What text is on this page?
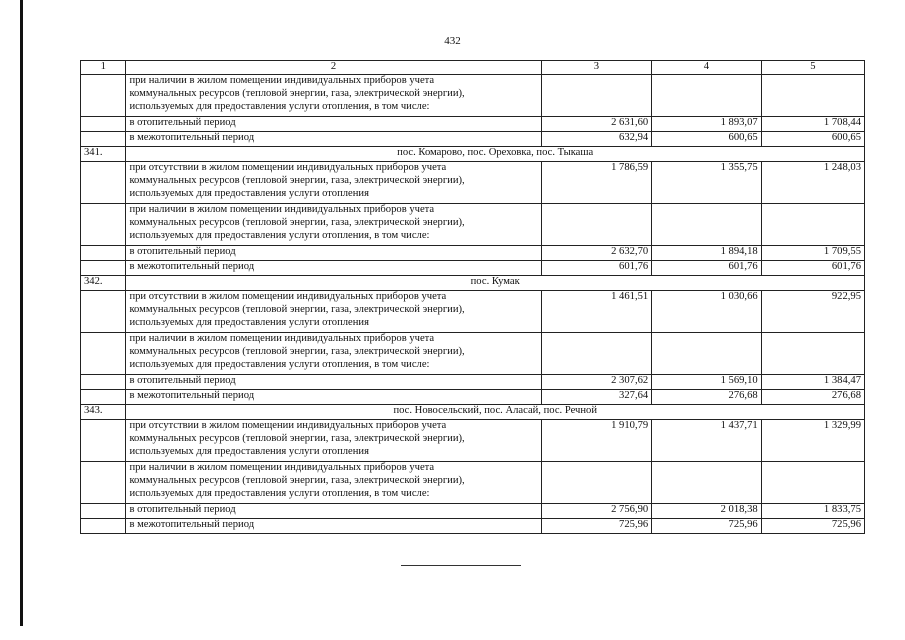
432
1	2	3	4	5

	при наличии в жилом помещении индивидуальных приборов учета
коммунальных ресурсов (тепловой энергии, газа, электрической энергии),
используемых для предоставления услуги отопления, в том числе:			

	в отопительный период	2 631,60	1 893,07	1 708,44

	в межотопительный период	632,94	600,65	600,65
341.	пос. Комарово, пос. Ореховка, пос. Тыкаша			

	при отсутствии в жилом помещении индивидуальных приборов учета
коммунальных ресурсов (тепловой энергии, газа, электрической энергии),
используемых для предоставления услуги отопления	1 786,59	1 355,75	1 248,03

	при наличии в жилом помещении индивидуальных приборов учета
коммунальных ресурсов (тепловой энергии, газа, электрической энергии),
используемых для предоставления услуги отопления, в том числе:			

	в отопительный период	2 632,70	1 894,18	1 709,55

	в межотопительный период	601,76	601,76	601,76
342.	пос. Кумак			

	при отсутствии в жилом помещении индивидуальных приборов учета
коммунальных ресурсов (тепловой энергии, газа, электрической энергии),
используемых для предоставления услуги отопления	1 461,51	1 030,66	922,95

	при наличии в жилом помещении индивидуальных приборов учета
коммунальных ресурсов (тепловой энергии, газа, электрической энергии),
используемых для предоставления услуги отопления, в том числе:			

	в отопительный период	2 307,62	1 569,10	1 384,47

	в межотопительный период	327,64	276,68	276,68
343.	пос. Новосельский, пос. Аласай, пос. Речной			

	при отсутствии в жилом помещении индивидуальных приборов учета
коммунальных ресурсов (тепловой энергии, газа, электрической энергии),
используемых для предоставления услуги отопления	1 910,79	1 437,71	1 329,99

	при наличии в жилом помещении индивидуальных приборов учета
коммунальных ресурсов (тепловой энергии, газа, электрической энергии),
используемых для предоставления услуги отопления, в том числе:			

	в отопительный период	2 756,90	2 018,38	1 833,75

	в межотопительный период	725,96	725,96	725,96
